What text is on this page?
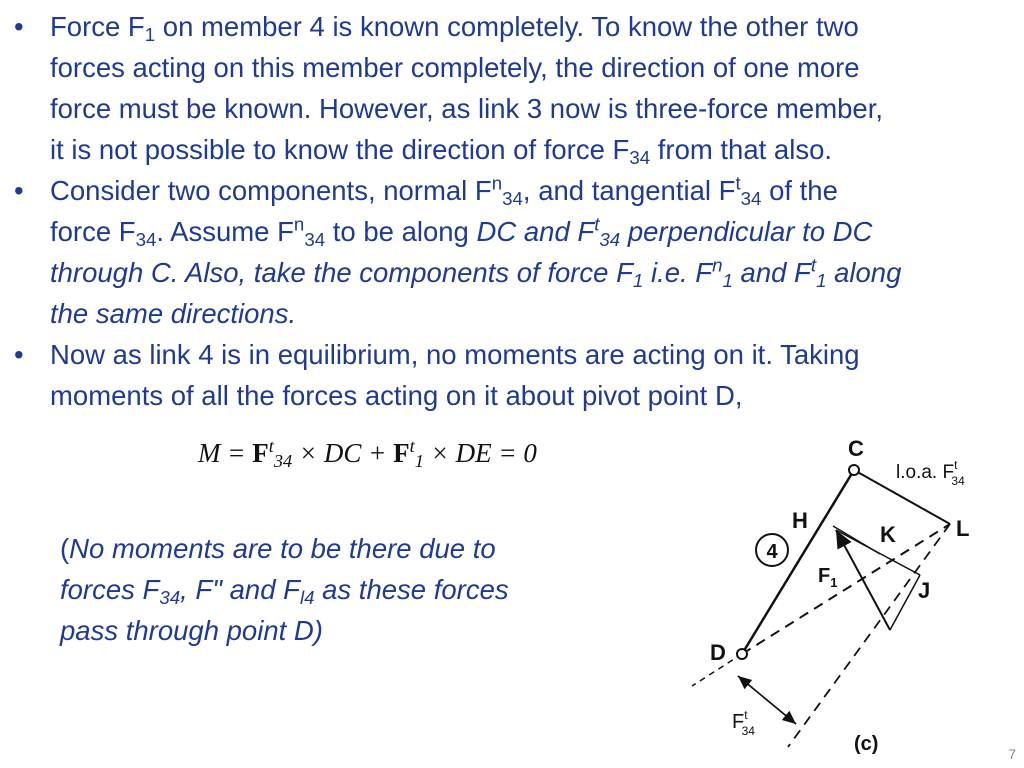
• Force $F_1$ on member 4 is known completely. To know the other two
forces acting on this member completely, the direction of one more
force must be known. However, as link 3 now is three-force member,
it is not possible to know the direction of force $F_{34}$ from that also.
• Consider two components, normal $F^n_{34}$, and tangential $F^t_{34}$ of the
force $F_{34}$. Assume $F^n_{34}$ to be along DC and $F^t_{34}$ perpendicular to DC
through C. Also, take the components of force $F_1$ i.e. $F^n_1$ and $F^t_1$ along
the same directions.
• Now as link 4 is in equilibrium, no moments are acting on it. Taking
moments of all the forces acting on it about pivot point D,
$M = F^t_{34}$ × DC + $F^t_1$ × DE = 0
(No moments are to be there due to
forces $F_{34}$, F" and $F_{l4}$ as these forces
pass through point D)
4
C
H
K	L
J
D
$F_1$
l.o.a. $F^t$ 34
$F^t$ 34
(c)	7
